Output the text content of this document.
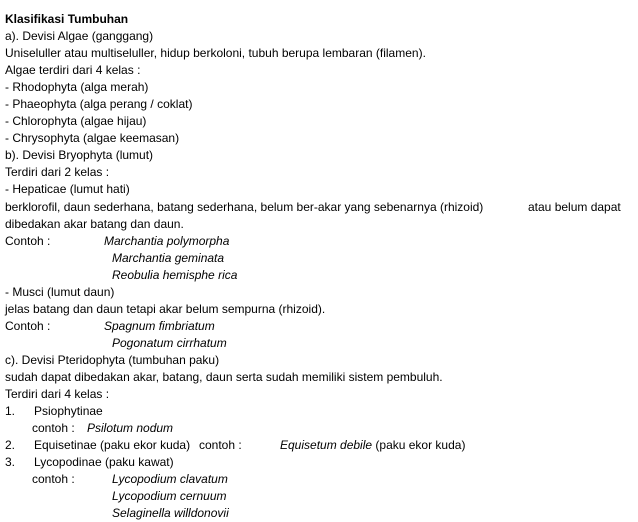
Klasifikasi Tumbuhan
a). Devisi Algae (ganggang)
Uniseluller atau multiseluller, hidup berkoloni, tubuh berupa lembaran (filamen).
Algae terdiri dari 4 kelas :
- Rhodophyta (alga merah)
- Phaeophyta (alga perang / coklat)
- Chlorophyta (algae hijau)
- Chrysophyta (algae keemasan)
b). Devisi Bryophyta (lumut)
Terdiri dari 2 kelas :
- Hepaticae (lumut hati)
berklorofil, daun sederhana, batang sederhana, belum ber-akar yang sebenarnya (rhizoid)	atau belum dapat
dibedakan akar batang dan daun.
Contoh :	Marchantia polymorpha
Marchantia geminata
Reobulia hemisphe rica
- Musci (lumut daun)
jelas batang dan daun tetapi akar belum sempurna (rhizoid).
Contoh :	Spagnum fimbriatum
Pogonatum cirrhatum
c). Devisi Pteridophyta (tumbuhan paku)
sudah dapat dibedakan akar, batang, daun serta sudah memiliki sistem pembuluh.
Terdiri dari 4 kelas :
1. Psiophytinae
contoh : Psilotum nodum
2. Equisetinae (paku ekor kuda) contoh :	Equisetum debile (paku ekor kuda)
3. Lycopodinae (paku kawat)
contoh :	Lycopodium clavatum
Lycopodium cernuum
Selaginella willdonovii
